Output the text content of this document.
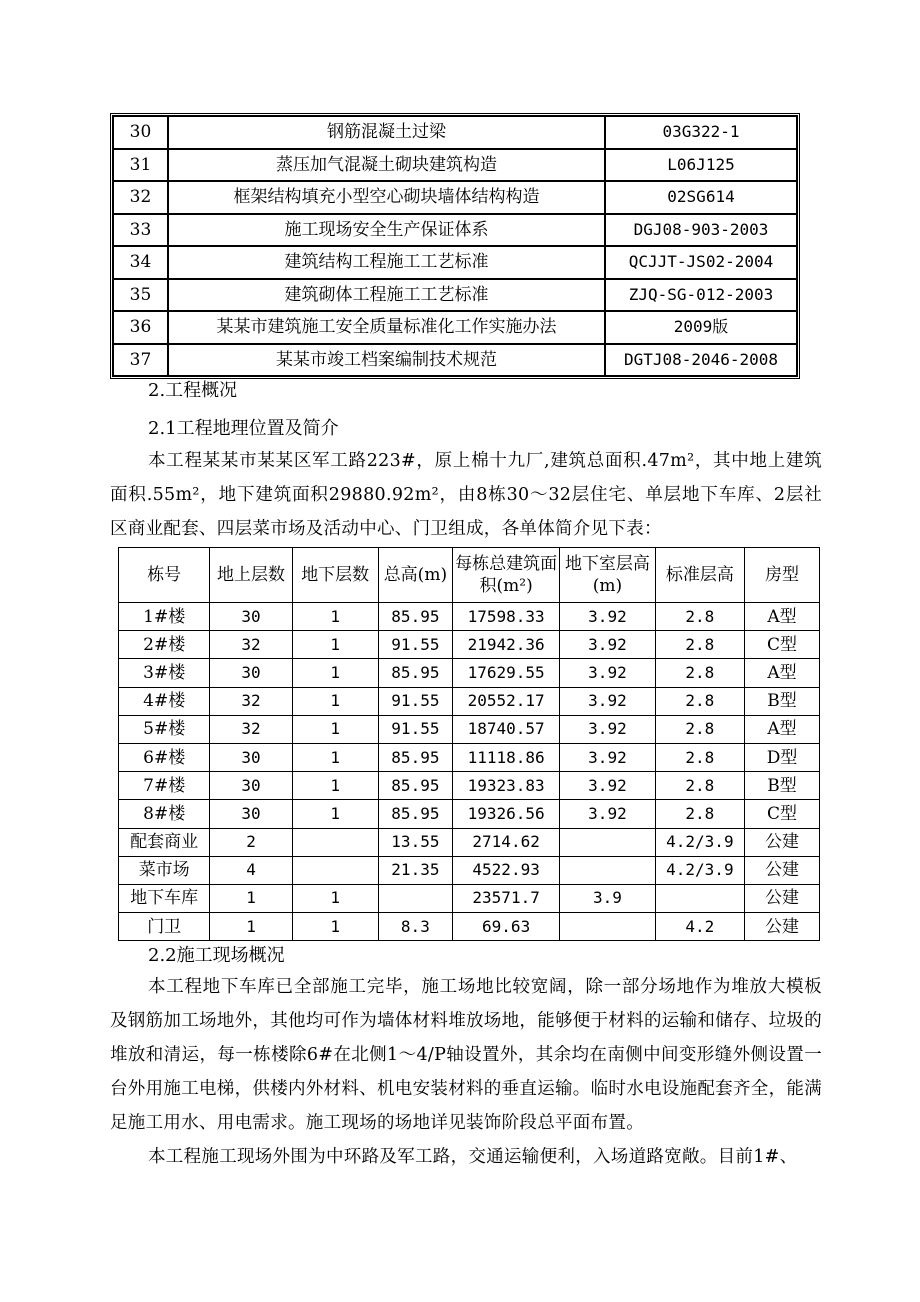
30	钢筋混凝土过梁	03G322-1
31	蒸压加气混凝土砌块建筑构造	L06J125
32	框架结构填充小型空心砌块墙体结构构造	02SG614
33	施工现场安全生产保证体系	DGJ08-903-2003
34	建筑结构工程施工工艺标准	QCJJT-JS02-2004
35	建筑砌体工程施工工艺标准	ZJQ-SG-012-2003
36	某某市建筑施工安全质量标准化工作实施办法	2009版
37	某某市竣工档案编制技术规范	DGTJ08-2046-2008
2.工程概况
2.1工程地理位置及简介
本工程某某市某某区军工路223#，原上棉十九厂,建筑总面积.47m²，其中地上建筑面积.55m²，地下建筑面积29880.92m²，由8栋30～32层住宅、单层地下车库、2层社区商业配套、四层菜市场及活动中心、门卫组成，各单体简介见下表：
栋号	地上层数	地下层数	总高(m)	每栋总建筑面积(m²)	地下室层高(m)	标准层高	房型
1#楼	30	1	85.95	17598.33	3.92	2.8	A型
2#楼	32	1	91.55	21942.36	3.92	2.8	C型
3#楼	30	1	85.95	17629.55	3.92	2.8	A型
4#楼	32	1	91.55	20552.17	3.92	2.8	B型
5#楼	32	1	91.55	18740.57	3.92	2.8	A型
6#楼	30	1	85.95	11118.86	3.92	2.8	D型
7#楼	30	1	85.95	19323.83	3.92	2.8	B型
8#楼	30	1	85.95	19326.56	3.92	2.8	C型
配套商业	2		13.55	2714.62		4.2/3.9	公建
菜市场	4		21.35	4522.93		4.2/3.9	公建
地下车库	1	1		23571.7	3.9		公建
门卫	1	1	8.3	69.63		4.2	公建
2.2施工现场概况
本工程地下车库已全部施工完毕，施工场地比较宽阔，除一部分场地作为堆放大模板及钢筋加工场地外，其他均可作为墙体材料堆放场地，能够便于材料的运输和储存、垃圾的堆放和清运，每一栋楼除6#在北侧1～4/P轴设置外，其余均在南侧中间变形缝外侧设置一台外用施工电梯，供楼内外材料、机电安装材料的垂直运输。临时水电设施配套齐全，能满足施工用水、用电需求。施工现场的场地详见装饰阶段总平面布置。
本工程施工现场外围为中环路及军工路，交通运输便利，入场道路宽敞。目前1#、
